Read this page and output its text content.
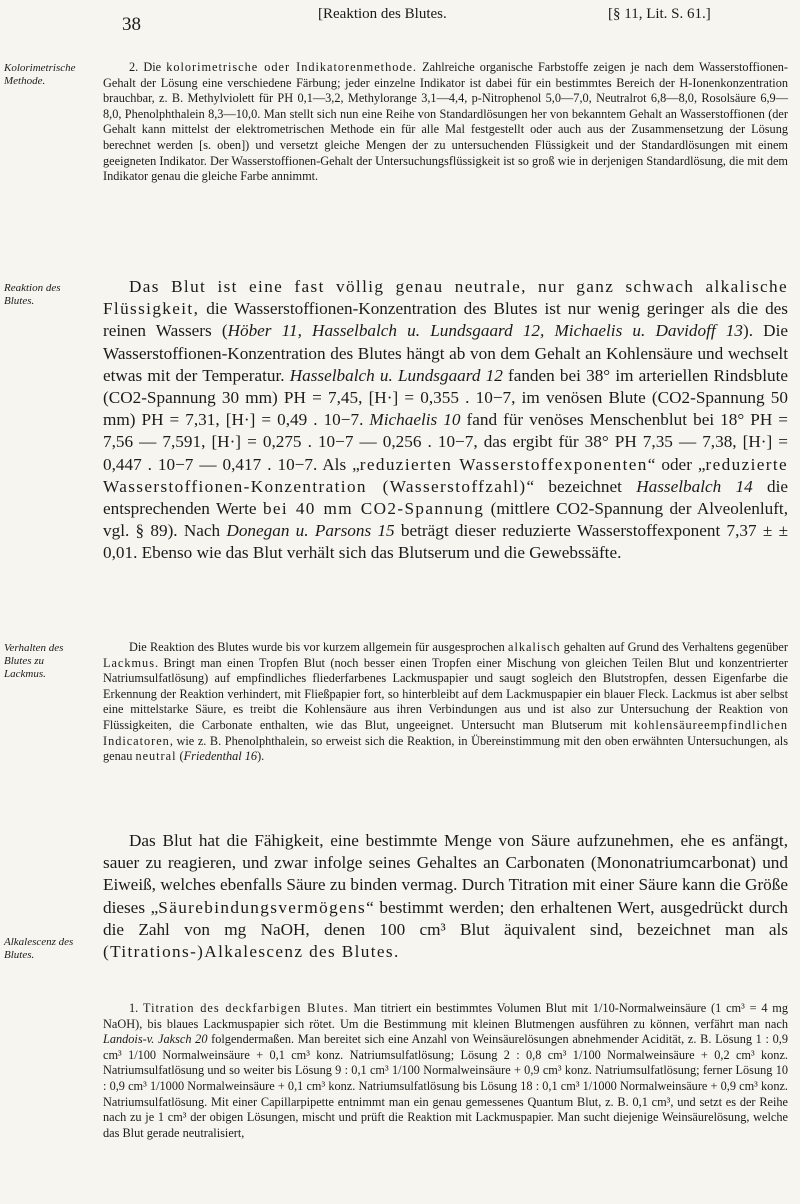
38	[Reaktion des Blutes.	[§ 11, Lit. S. 61.]
Kolorimetrische Methode.
Reaktion des Blutes.
Verhalten des Blutes zu Lackmus.
Alkalescenz des Blutes.

2. Die kolorimetrische oder Indikatorenmethode. Zahlreiche organische Farbstoffe zeigen je nach dem Wasserstoffionen-Gehalt der Lösung eine verschiedene Färbung; jeder einzelne Indikator ist dabei für ein bestimmtes Bereich der H-Ionenkonzentration brauchbar, z. B. Methylviolett für PH 0,1—3,2, Methylorange 3,1—4,4, p-Nitrophenol 5,0—7,0, Neutralrot 6,8—8,0, Rosolsäure 6,9—8,0, Phenolphthalein 8,3—10,0. Man stellt sich nun eine Reihe von Standardlösungen her von bekanntem Gehalt an Wasserstoffionen (der Gehalt kann mittelst der elektrometrischen Methode ein für alle Mal festgestellt oder auch aus der Zusammensetzung der Lösung berechnet werden [s. oben]) und versetzt gleiche Mengen der zu untersuchenden Flüssigkeit und der Standardlösungen mit einem geeigneten Indikator. Der Wasserstoffionen-Gehalt der Untersuchungsflüssigkeit ist so groß wie in derjenigen Standardlösung, die mit dem Indikator genau die gleiche Farbe annimmt.

Das Blut ist eine fast völlig genau neutrale, nur ganz schwach alkalische Flüssigkeit, die Wasserstoffionen-Konzentration des Blutes ist nur wenig geringer als die des reinen Wassers (Höber 11, Hasselbalch u. Lundsgaard 12, Michaelis u. Davidoff 13). Die Wasserstoffionen-Konzentration des Blutes hängt ab von dem Gehalt an Kohlensäure und wechselt etwas mit der Temperatur. Hasselbalch u. Lundsgaard 12 fanden bei 38° im arteriellen Rindsblute (CO2-Spannung 30 mm) PH = 7,45, [H·] = 0,355 . 10−7, im venösen Blute (CO2-Spannung 50 mm) PH = 7,31, [H·] = 0,49 . 10−7. Michaelis 10 fand für venöses Menschenblut bei 18° PH = 7,56 — 7,591, [H·] = 0,275 . 10−7 — 0,256 . 10−7, das ergibt für 38° PH 7,35 — 7,38, [H·] = 0,447 . 10−7 — 0,417 . 10−7. Als „reduzierten Wasserstoffexponenten“ oder „reduzierte Wasserstoffionen-Konzentration (Wasserstoffzahl)“ bezeichnet Hasselbalch 14 die entsprechenden Werte bei 40 mm CO2-Spannung (mittlere CO2-Spannung der Alveolenluft, vgl. § 89). Nach Donegan u. Parsons 15 beträgt dieser reduzierte Wasserstoffexponent 7,37 ± ± 0,01. Ebenso wie das Blut verhält sich das Blutserum und die Gewebssäfte.

Die Reaktion des Blutes wurde bis vor kurzem allgemein für ausgesprochen alkalisch gehalten auf Grund des Verhaltens gegenüber Lackmus. Bringt man einen Tropfen Blut (noch besser einen Tropfen einer Mischung von gleichen Teilen Blut und konzentrierter Natriumsulfatlösung) auf empfindliches fliederfarbenes Lackmuspapier und saugt sogleich den Blutstropfen, dessen Eigenfarbe die Erkennung der Reaktion verhindert, mit Fließpapier fort, so hinterbleibt auf dem Lackmuspapier ein blauer Fleck. Lackmus ist aber selbst eine mittelstarke Säure, es treibt die Kohlensäure aus ihren Verbindungen aus und ist also zur Untersuchung der Reaktion von Flüssigkeiten, die Carbonate enthalten, wie das Blut, ungeeignet. Untersucht man Blutserum mit kohlensäureempfindlichen Indicatoren, wie z. B. Phenolphthalein, so erweist sich die Reaktion, in Übereinstimmung mit den oben erwähnten Untersuchungen, als genau neutral (Friedenthal 16).

Das Blut hat die Fähigkeit, eine bestimmte Menge von Säure aufzunehmen, ehe es anfängt, sauer zu reagieren, und zwar infolge seines Gehaltes an Carbonaten (Mononatriumcarbonat) und Eiweiß, welches ebenfalls Säure zu binden vermag. Durch Titration mit einer Säure kann die Größe dieses „Säurebindungsvermögens“ bestimmt werden; den erhaltenen Wert, ausgedrückt durch die Zahl von mg NaOH, denen 100 cm³ Blut äquivalent sind, bezeichnet man als (Titrations-)Alkalescenz des Blutes.

1. Titration des deckfarbigen Blutes. Man titriert ein bestimmtes Volumen Blut mit 1/10-Normalweinsäure (1 cm³ = 4 mg NaOH), bis blaues Lackmuspapier sich rötet. Um die Bestimmung mit kleinen Blutmengen ausführen zu können, verfährt man nach Landois-v. Jaksch 20 folgendermaßen. Man bereitet sich eine Anzahl von Weinsäurelösungen abnehmender Acidität, z. B. Lösung 1 : 0,9 cm³ 1/100 Normalweinsäure + 0,1 cm³ konz. Natriumsulfatlösung; Lösung 2 : 0,8 cm³ 1/100 Normalweinsäure + 0,2 cm³ konz. Natriumsulfatlösung und so weiter bis Lösung 9 : 0,1 cm³ 1/100 Normalweinsäure + 0,9 cm³ konz. Natriumsulfatlösung; ferner Lösung 10 : 0,9 cm³ 1/1000 Normalweinsäure + 0,1 cm³ konz. Natriumsulfatlösung bis Lösung 18 : 0,1 cm³ 1/1000 Normalweinsäure + 0,9 cm³ konz. Natriumsulfatlösung. Mit einer Capillarpipette entnimmt man ein genau gemessenes Quantum Blut, z. B. 0,1 cm³, und setzt es der Reihe nach zu je 1 cm³ der obigen Lösungen, mischt und prüft die Reaktion mit Lackmuspapier. Man sucht diejenige Weinsäurelösung, welche das Blut gerade neutralisiert,
